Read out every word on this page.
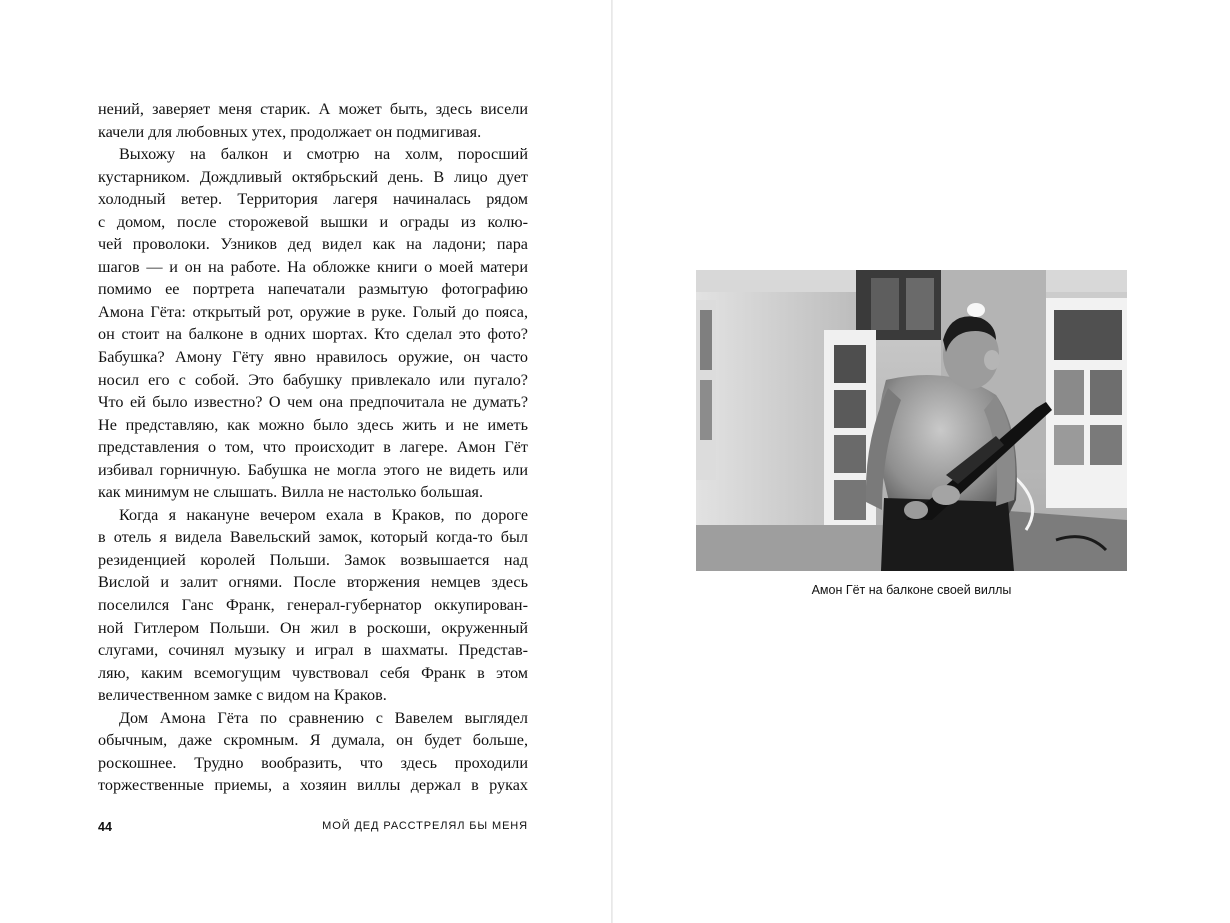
нений, заверяет меня старик. А может быть, здесь висели
качели для любовных утех, продолжает он подмигивая.
Выхожу на балкон и смотрю на холм, поросший
кустарником. Дождливый октябрьский день. В лицо дует
холодный ветер. Территория лагеря начиналась рядом
с домом, после сторожевой вышки и ограды из колю-
чей проволоки. Узников дед видел как на ладони; пара
шагов — и он на работе. На обложке книги о моей матери
помимо ее портрета напечатали размытую фотографию
Амона Гёта: открытый рот, оружие в руке. Голый до пояса,
он стоит на балконе в одних шортах. Кто сделал это фото?
Бабушка? Амону Гёту явно нравилось оружие, он часто
носил его с собой. Это бабушку привлекало или пугало?
Что ей было известно? О чем она предпочитала не думать?
Не представляю, как можно было здесь жить и не иметь
представления о том, что происходит в лагере. Амон Гёт
избивал горничную. Бабушка не могла этого не видеть или
как минимум не слышать. Вилла не настолько большая.
Когда я накануне вечером ехала в Краков, по дороге
в отель я видела Вавельский замок, который когда-то был
резиденцией королей Польши. Замок возвышается над
Вислой и залит огнями. После вторжения немцев здесь
поселился Ганс Франк, генерал-губернатор оккупирован-
ной Гитлером Польши. Он жил в роскоши, окруженный
слугами, сочинял музыку и играл в шахматы. Представ-
ляю, каким всемогущим чувствовал себя Франк в этом
величественном замке с видом на Краков.
Дом Амона Гёта по сравнению с Вавелем выглядел
обычным, даже скромным. Я думала, он будет больше,
роскошнее. Трудно вообразить, что здесь проходили
торжественные приемы, а хозяин виллы держал в руках
44	МОЙ ДЕД РАССТРЕЛЯЛ БЫ МЕНЯ
Амон Гёт на балконе своей виллы
